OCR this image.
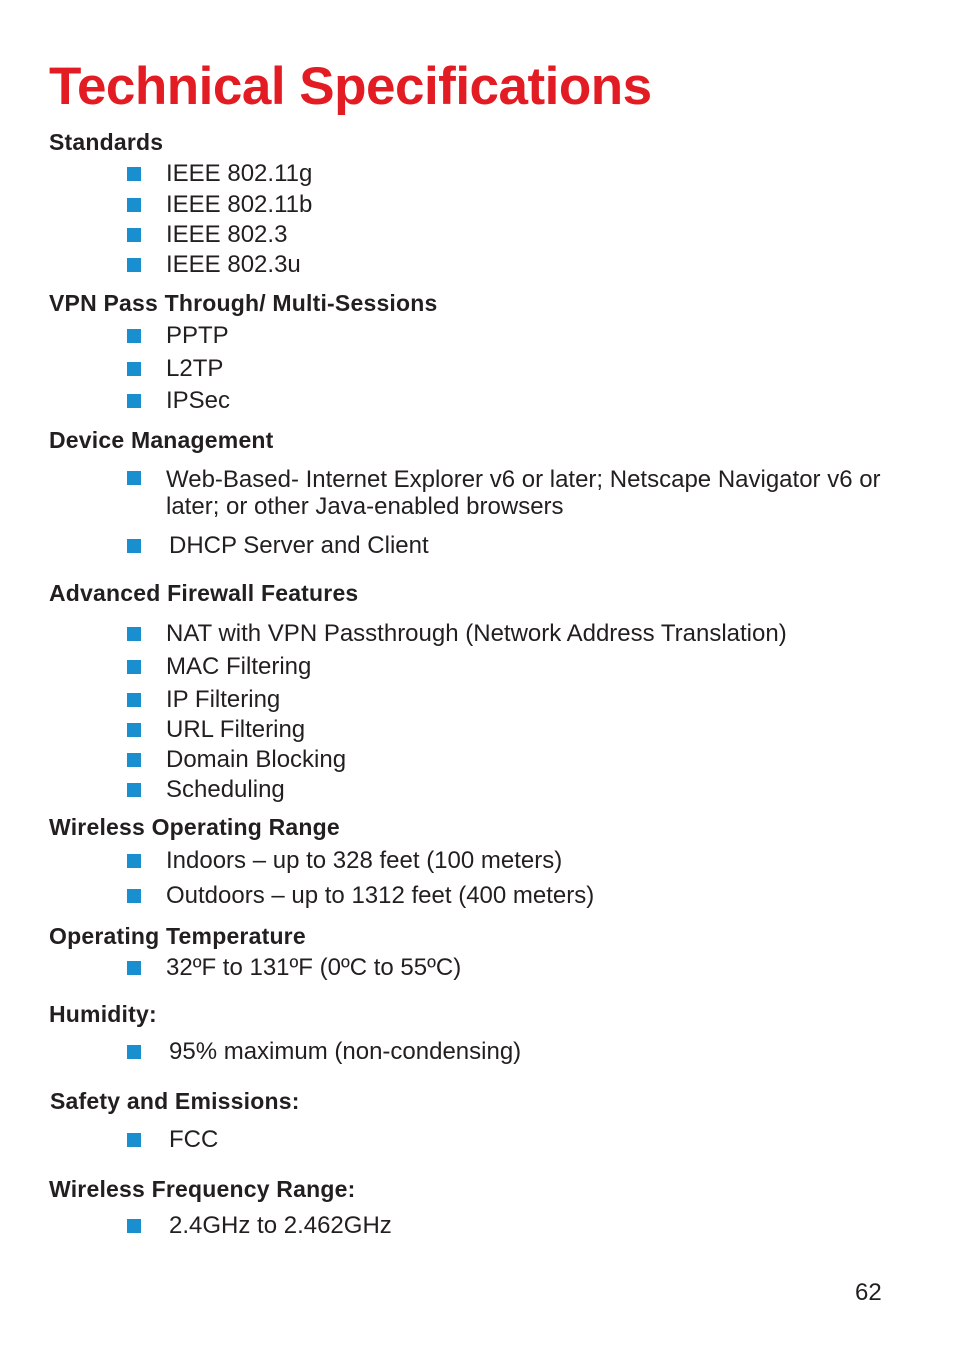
Technical Specifications
Standards
IEEE 802.11g
IEEE 802.11b
IEEE 802.3
IEEE 802.3u
VPN Pass Through/ Multi-Sessions
PPTP
L2TP
IPSec
Device Management
Web-Based- Internet Explorer v6 or later; Netscape Navigator v6 or later; or other Java-enabled browsers
DHCP Server and Client
Advanced Firewall Features
NAT with VPN Passthrough (Network Address Translation)
MAC Filtering
IP Filtering
URL Filtering
Domain Blocking
Scheduling
Wireless Operating Range
Indoors – up to 328 feet (100 meters)
Outdoors – up to 1312 feet (400 meters)
Operating Temperature
32ºF to 131ºF (0ºC to 55ºC)
Humidity:
95% maximum (non-condensing)
Safety and Emissions:
FCC
Wireless Frequency Range:
2.4GHz to 2.462GHz
62
